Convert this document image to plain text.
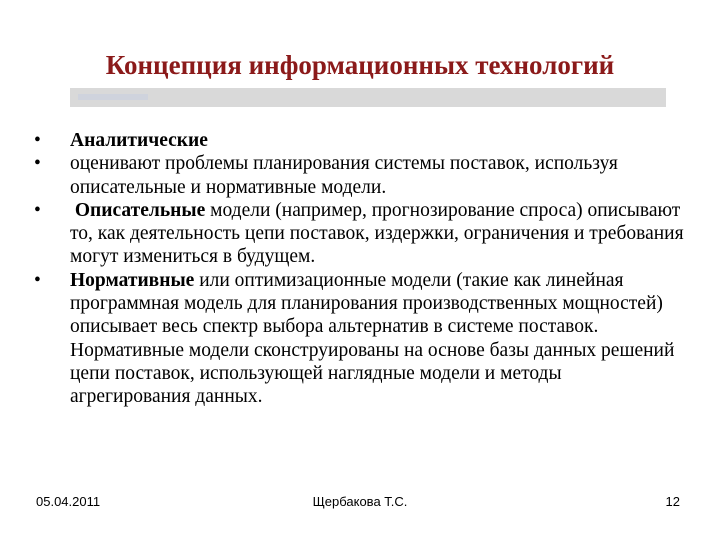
Концепция информационных технологий
•	Аналитические
•	оценивают проблемы планирования системы поставок, используя описательные и нормативные модели.
•	Описательные модели (например, прогнозирование спроса) описывают то, как деятельность цепи поставок, издержки, ограничения и требования могут измениться в будущем.
•	Нормативные или оптимизационные модели (такие как линейная программная модель для планирования производственных мощностей) описывает весь спектр выбора альтернатив в системе поставок. Нормативные модели сконструированы на основе базы данных решений цепи поставок, использующей наглядные модели и методы агрегирования данных.
05.04.2011	Щербакова Т.С.	12
